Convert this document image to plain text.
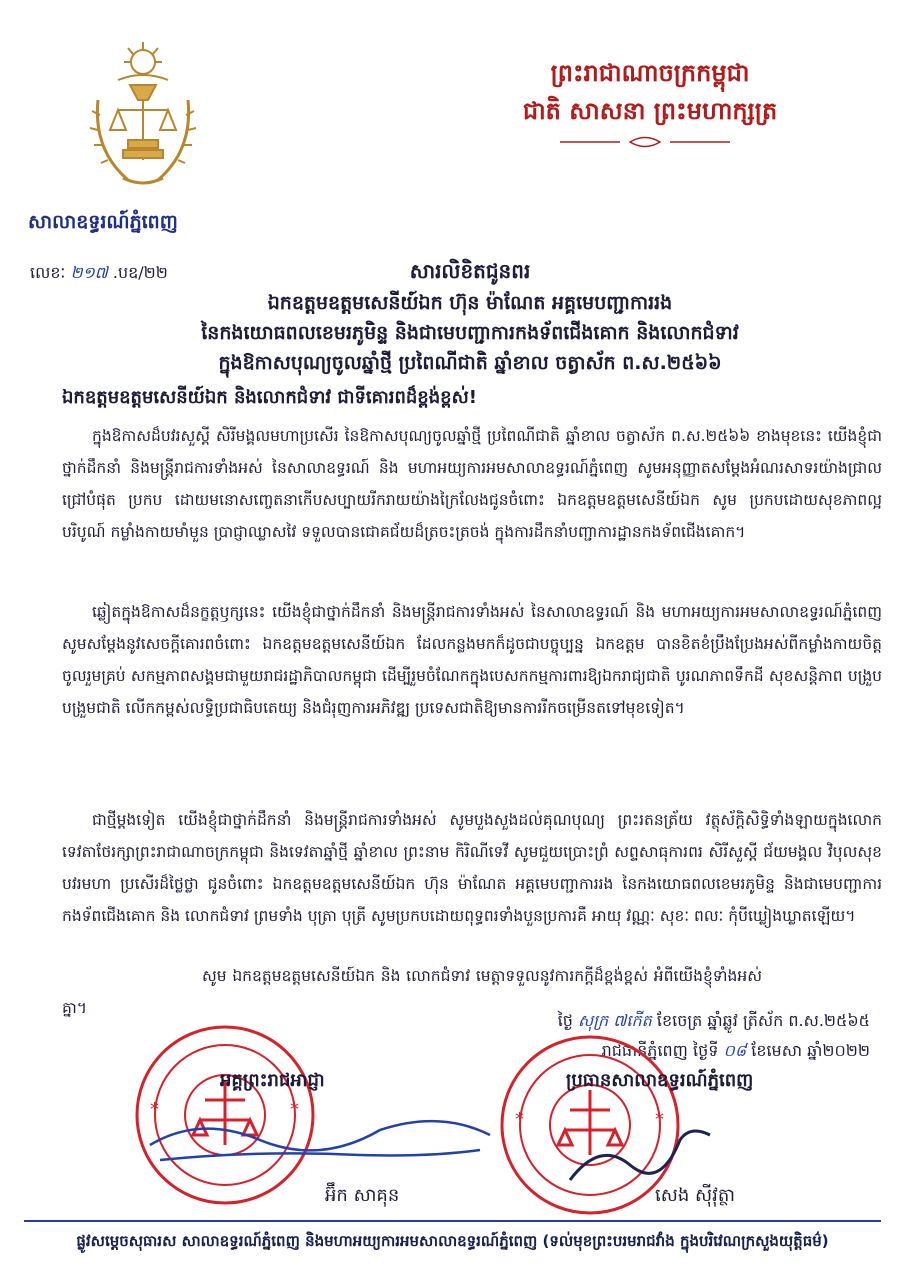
សាលាឧទ្ធរណ៍ភ្នំពេញ
ព្រះរាជាណាចក្រកម្ពុជា
ជាតិ សាសនា ព្រះមហាក្សត្រ
លេខៈ ២១៧ .បឧ/២២	សារលិខិតជូនពរ
ឯកឧត្តមឧត្តមសេនីយ៍ឯក ហ៊ុន ម៉ាណែត អគ្គមេបញ្ជាការរង
នៃកងយោធពលខេមរភូមិន្ទ និងជាមេបញ្ជាការកងទ័ពជើងគោក និងលោកជំទាវ
ក្នុងឱកាសបុណ្យចូលឆ្នាំថ្មី ប្រពៃណីជាតិ ឆ្នាំខាល ចត្វាស័ក ព.ស.២៥៦៦
ឯកឧត្តមឧត្តមសេនីយ៍ឯក និងលោកជំទាវ ជាទីគោរពដ៏ខ្ពង់ខ្ពស់!
ក្នុងឱកាសដ៏បវរសួស្តី សិរីមង្គលមហាប្រសើរ នៃឱកាសបុណ្យចូលឆ្នាំថ្មី ប្រពៃណីជាតិ ឆ្នាំខាល ចត្វាស័ក ព.ស.២៥៦៦ ខាងមុខនេះ យើងខ្ញុំជាថ្នាក់ដឹកនាំ និងមន្ត្រីរាជការទាំងអស់ នៃសាលាឧទ្ធរណ៍ និង មហាអយ្យការអមសាលាឧទ្ធរណ៍ភ្នំពេញ សូមអនុញ្ញាតសម្តែងអំណរសាទរយ៉ាងជ្រាលជ្រៅបំផុត ប្រកប ដោយមនោសញ្ចេតនាកើបសប្បាយរីករាយយ៉ាងក្រៃលែងជូនចំពោះ ឯកឧត្តមឧត្តមសេនីយ៍ឯក សូម ប្រកបដោយសុខភាពល្អបរិបូណ៍ កម្លាំងកាយមាំមួន ប្រាជ្ញាឈ្លាសវៃ ទទួលបានជោគជ័យដ៏ត្រចះត្រចង់ ក្នុងការដឹកនាំបញ្ជាការដ្ឋានកងទ័ពជើងគោក។
ឆ្លៀតក្នុងឱកាសដ៏នក្ខត្តឫក្សនេះ យើងខ្ញុំជាថ្នាក់ដឹកនាំ និងមន្ត្រីរាជការទាំងអស់ នៃសាលាឧទ្ធរណ៍ និង មហាអយ្យការអមសាលាឧទ្ធរណ៍ភ្នំពេញ សូមសម្តែងនូវសេចក្តីគោរពចំពោះ ឯកឧត្តមឧត្តមសេនីយ៍ឯក ដែលកន្លងមកក៏ដូចជាបច្ចុប្បន្ន ឯកឧត្តម បានខិតខំប្រឹងប្រែងអស់ពីកម្លាំងកាយចិត្ត ចូលរួមគ្រប់ សកម្មភាពសង្គមជាមួយរាជរដ្ឋាភិបាលកម្ពុជា ដើម្បីរួមចំណែកក្នុងបេសកកម្មការពារឱ្យឯករាជ្យជាតិ បូរណភាពទឹកដី សុខសន្តិភាព បង្រួបបង្រួមជាតិ លើកកម្ពស់លទ្ធិប្រជាធិបតេយ្យ និងជំរុញការអភិវឌ្ឍ ប្រទេសជាតិឱ្យមានការរីកចម្រើនតទៅមុខទៀត។
ជាថ្មីម្តងទៀត យើងខ្ញុំជាថ្នាក់ដឹកនាំ និងមន្ត្រីរាជការទាំងអស់ សូមបួងសួងដល់គុណបុណ្យ ព្រះរតនត្រ័យ វត្ថុស័ក្តិសិទ្ធិទាំងឡាយក្នុងលោក ទេវតាថែរក្សាព្រះរាជាណាចក្រកម្ពុជា និងទេវតាឆ្នាំថ្មី ឆ្នាំខាល ព្រះនាម កិរិណីទេវី សូមជួយប្រោះព្រំ សព្ទសាធុការពរ សិរីសួស្តី ជ័យមង្គល វិបុលសុខ បវរមហា ប្រសើរដ៏ថ្លៃថ្លា ជូនចំពោះ ឯកឧត្តមឧត្តមសេនីយ៍ឯក ហ៊ុន ម៉ាណែត អគ្គមេបញ្ជាការរង នៃកងយោធពលខេមរភូមិន្ទ និងជាមេបញ្ជាការកងទ័ពជើងគោក និង លោកជំទាវ ព្រមទាំង បុត្រា បុត្រី សូមប្រកបដោយពុទ្ធពរទាំងបួនប្រការគឺ អាយុ វណ្ណៈ សុខៈ ពលៈ កុំបីឃ្លៀងឃ្លាតឡើយ។
សូម ឯកឧត្តមឧត្តមសេនីយ៍ឯក និង លោកជំទាវ មេត្តាទទួលនូវការកក្តីដ៏ខ្ពង់ខ្ពស់ អំពីយើងខ្ញុំទាំងអស់គ្នា។
ថ្ងៃ សុក្រ ៧កើត ខែចេត្រ ឆ្នាំឆ្លូវ ត្រីស័ក ព.ស.២៥៦៥
រាជធានីភ្នំពេញ ថ្ងៃទី ០៨ ខែមេសា ឆ្នាំ២០២២
*	*
អគ្គព្រះរាជអាជ្ញា
អ៊ឹក សាគុន
*	*
ប្រធានសាលាឧទ្ធរណ៍ភ្នំពេញ
សេង ស៊ីវុត្ថា
ផ្លូវសម្តេចសុធារស សាលាឧទ្ធរណ៍ភ្នំពេញ និងមហាអយ្យការអមសាលាឧទ្ធរណ៍ភ្នំពេញ (ទល់មុខព្រះបរមរាជវាំង ក្នុងបរិវេណក្រសួងយុត្តិធម៌)
